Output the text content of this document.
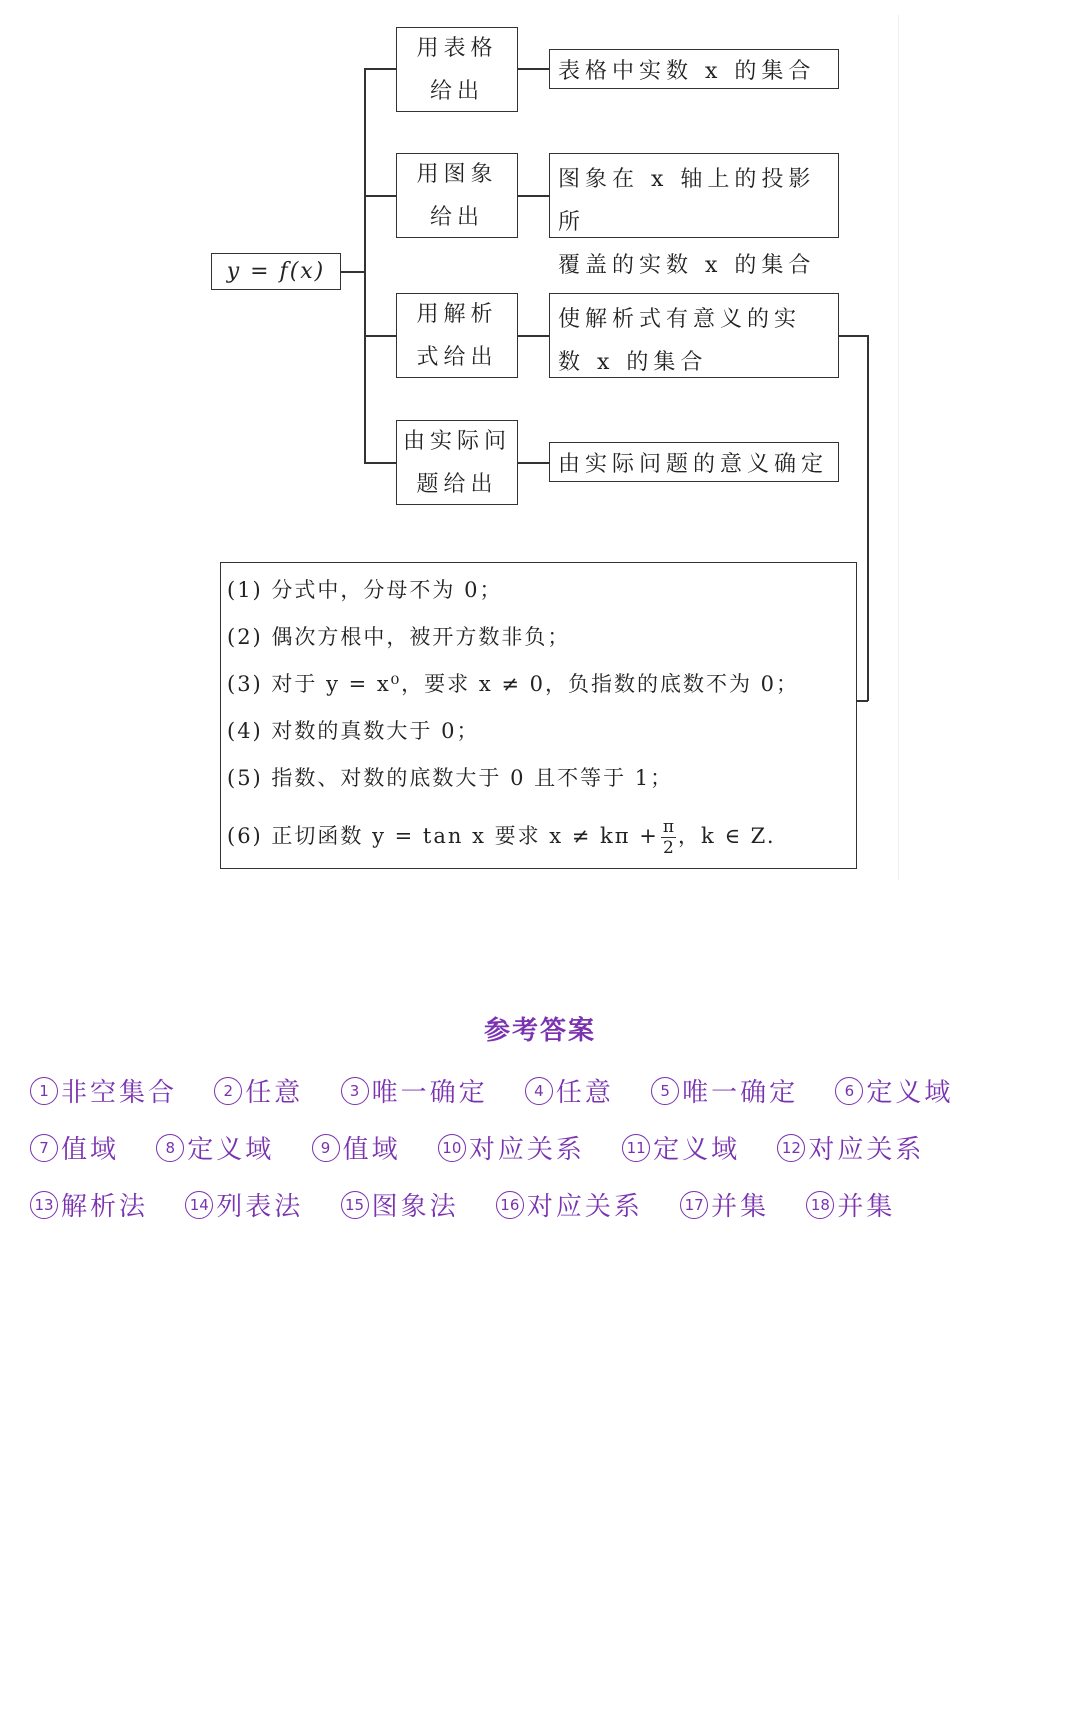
y = f(x)
用表格
给出
用图象
给出
用解析
式给出
由实际问
题给出
表格中实数 x 的集合
图象在 x 轴上的投影所
覆盖的实数 x 的集合
使解析式有意义的实
数 x 的集合
由实际问题的意义确定
(1) 分式中，分母不为 0；
(2) 偶次方根中，被开方数非负；
(3) 对于 y = x⁰，要求 x ≠ 0，负指数的底数不为 0；
(4) 对数的真数大于 0；
(5) 指数、对数的底数大于 0 且不等于 1；
(6) 正切函数 y = tan x 要求 $x \ne k\pi + \frac{\pi}{2}$ ，k ∈ Z.
参考答案
1 非空集合	2 任意	3 唯一确定	4 任意	5 唯一确定	6 定义域 7 值域	8 定义域	9 值域	10 对应关系	11 定义域	12 对应关系 13 解析法	14 列表法	15 图象法	16 对应关系	17 并集	18 并集
